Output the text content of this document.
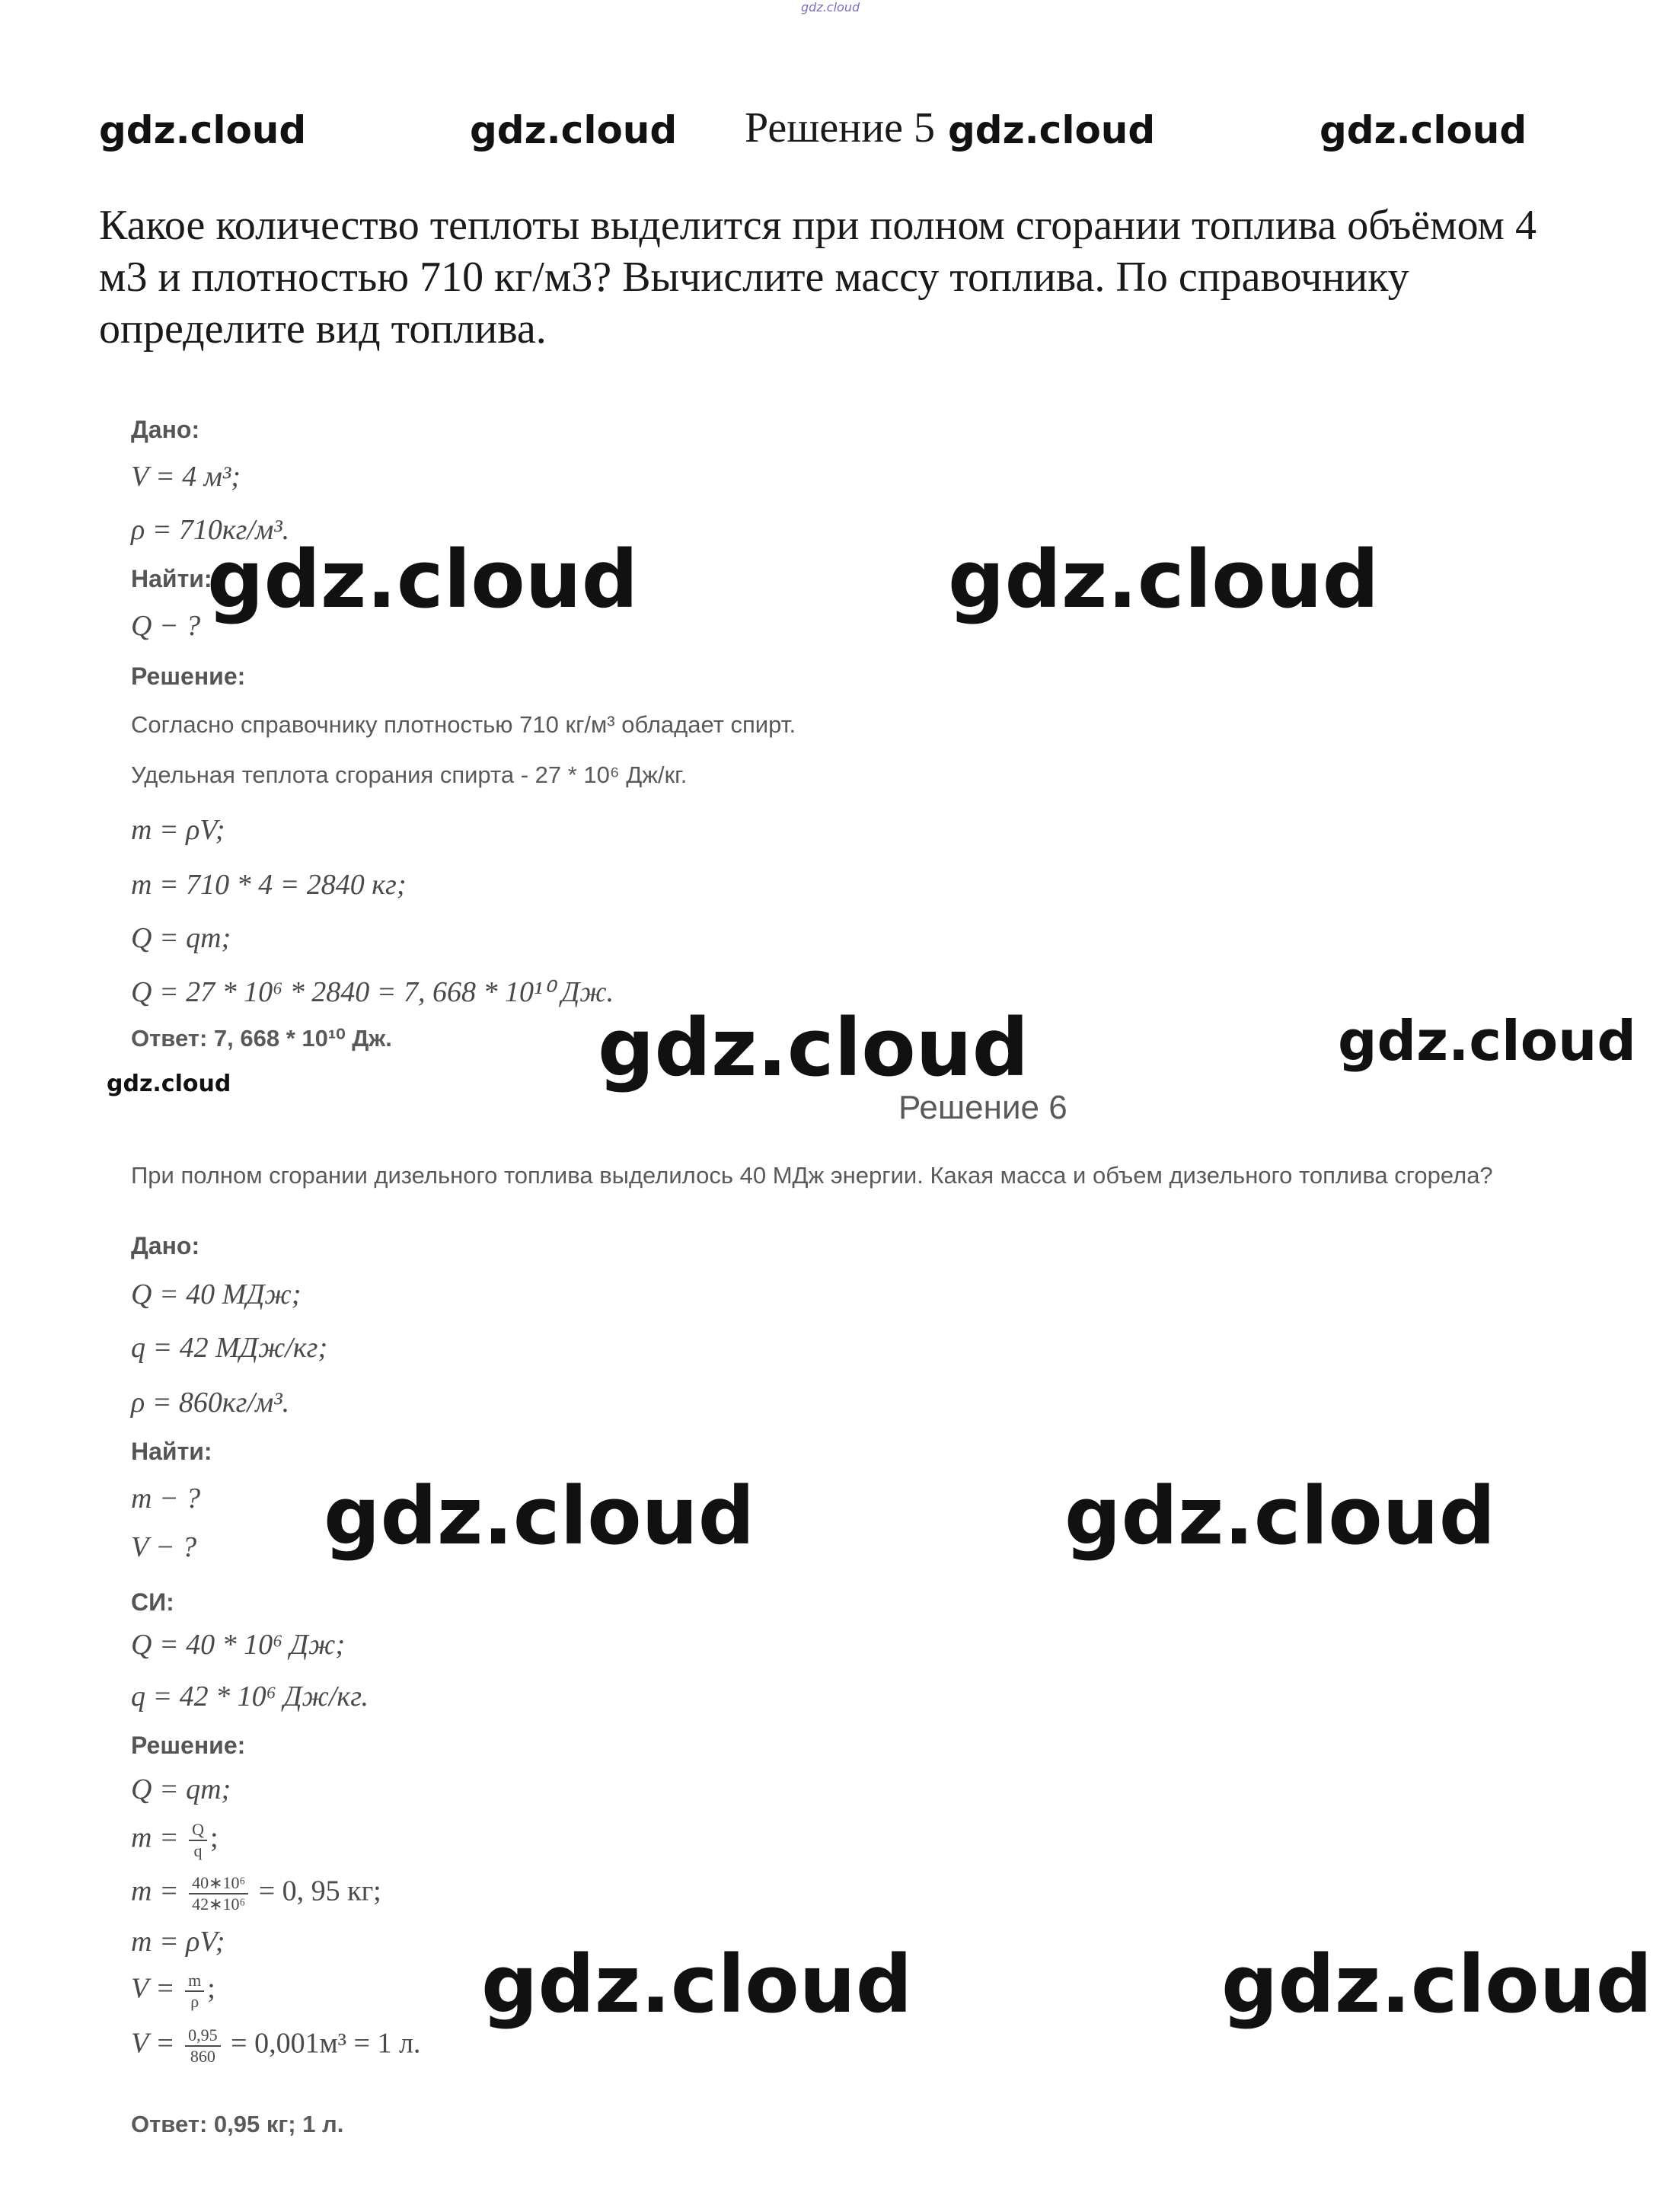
gdz.cloud
gdz.cloud	gdz.cloud Решение 5 gdz.cloud	gdz.cloud
Какое количество теплоты выделится при полном сгорании топлива объёмом 4 м3 и плотностью 710 кг/м3? Вычислите массу топлива. По справочнику определите вид топлива.
Дано:
V = 4 м³;
ρ = 710кг/м³.
Найти:
Q − ?
Решение:
Согласно справочнику плотностью 710 кг/м³ обладает спирт.
Удельная теплота сгорания спирта - 27 * 10⁶ Дж/кг.
m = ρV;
m = 710 * 4 = 2840 кг;
Q = qm;
Q = 27 * 10⁶ * 2840 = 7, 668 * 10¹⁰ Дж.
Ответ: 7, 668 * 10¹⁰ Дж.
gdz.cloud	gdz.cloud
gdz.cloud	gdz.cloud
gdz.cloud
Решение 6
При полном сгорании дизельного топлива выделилось 40 МДж энергии. Какая масса и объем дизельного топлива сгорела?
Дано:
Q = 40 МДж;
q = 42 МДж/кг;
ρ = 860кг/м³.
Найти:
m − ?
V − ?
СИ:
Q = 40 * 10⁶ Дж;
q = 42 * 10⁶ Дж/кг.
Решение:
Q = qm;
$m = \frac{Q}{q}$ ;
$m = \frac{\text{40∗10⁶}}{\text{42∗10⁶}} = 0$, 95 кг;
m = ρV;
$V = \frac{m}{\rho}$ ;
$V = \frac{0,95}{860} = 0,001м^3 = 1$ л.
Ответ: 0,95 кг; 1 л.
gdz.cloud	gdz.cloud
gdz.cloud	gdz.cloud
